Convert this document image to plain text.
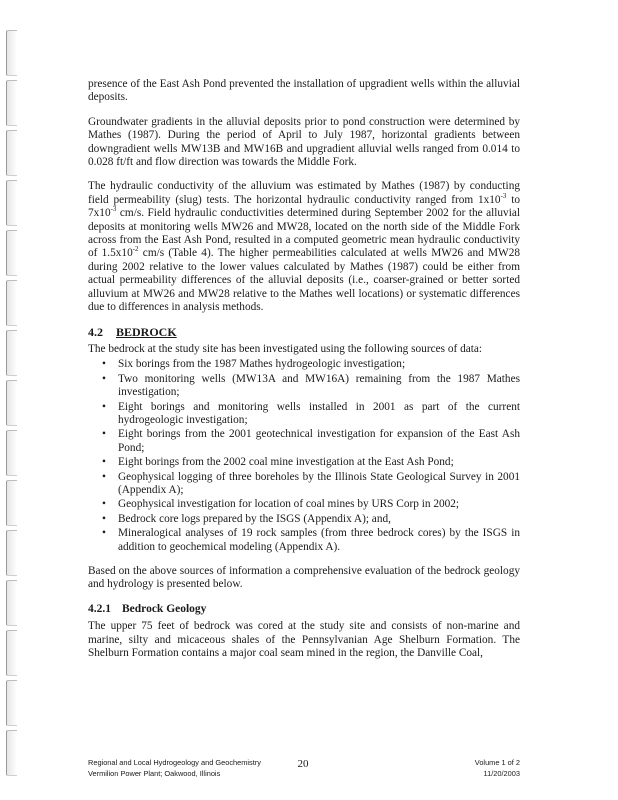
presence of the East Ash Pond prevented the installation of upgradient wells within the alluvial deposits.

Groundwater gradients in the alluvial deposits prior to pond construction were determined by Mathes (1987). During the period of April to July 1987, horizontal gradients between downgradient wells MW13B and MW16B and upgradient alluvial wells ranged from 0.014 to 0.028 ft/ft and flow direction was towards the Middle Fork.

The hydraulic conductivity of the alluvium was estimated by Mathes (1987) by conducting field permeability (slug) tests. The horizontal hydraulic conductivity ranged from $1x10^{-3}$ to $7x10^{-3}$ cm/s. Field hydraulic conductivities determined during September 2002 for the alluvial deposits at monitoring wells MW26 and MW28, located on the north side of the Middle Fork across from the East Ash Pond, resulted in a computed geometric mean hydraulic conductivity of $1.5x10^{-2}$ cm/s (Table 4). The higher permeabilities calculated at wells MW26 and MW28 during 2002 relative to the lower values calculated by Mathes (1987) could be either from actual permeability differences of the alluvial deposits (i.e., coarser-grained or better sorted alluvium at MW26 and MW28 relative to the Mathes well locations) or systematic differences due to differences in analysis methods.

4.2 BEDROCK

The bedrock at the study site has been investigated using the following sources of data:

• Six borings from the 1987 Mathes hydrogeologic investigation;
• Two monitoring wells (MW13A and MW16A) remaining from the 1987 Mathes investigation;
• Eight borings and monitoring wells installed in 2001 as part of the current hydrogeologic investigation;
• Eight borings from the 2001 geotechnical investigation for expansion of the East Ash Pond;
• Eight borings from the 2002 coal mine investigation at the East Ash Pond;
• Geophysical logging of three boreholes by the Illinois State Geological Survey in 2001 (Appendix A);
• Geophysical investigation for location of coal mines by URS Corp in 2002;
• Bedrock core logs prepared by the ISGS (Appendix A); and,
• Mineralogical analyses of 19 rock samples (from three bedrock cores) by the ISGS in addition to geochemical modeling (Appendix A).

Based on the above sources of information a comprehensive evaluation of the bedrock geology and hydrology is presented below.

4.2.1 Bedrock Geology

The upper 75 feet of bedrock was cored at the study site and consists of non-marine and marine, silty and micaceous shales of the Pennsylvanian Age Shelburn Formation. The Shelburn Formation contains a major coal seam mined in the region, the Danville Coal,

Regional and Local Hydrogeology and Geochemistry
Vermilion Power Plant; Oakwood, Illinois
20	Volume 1 of 2
11/20/2003
